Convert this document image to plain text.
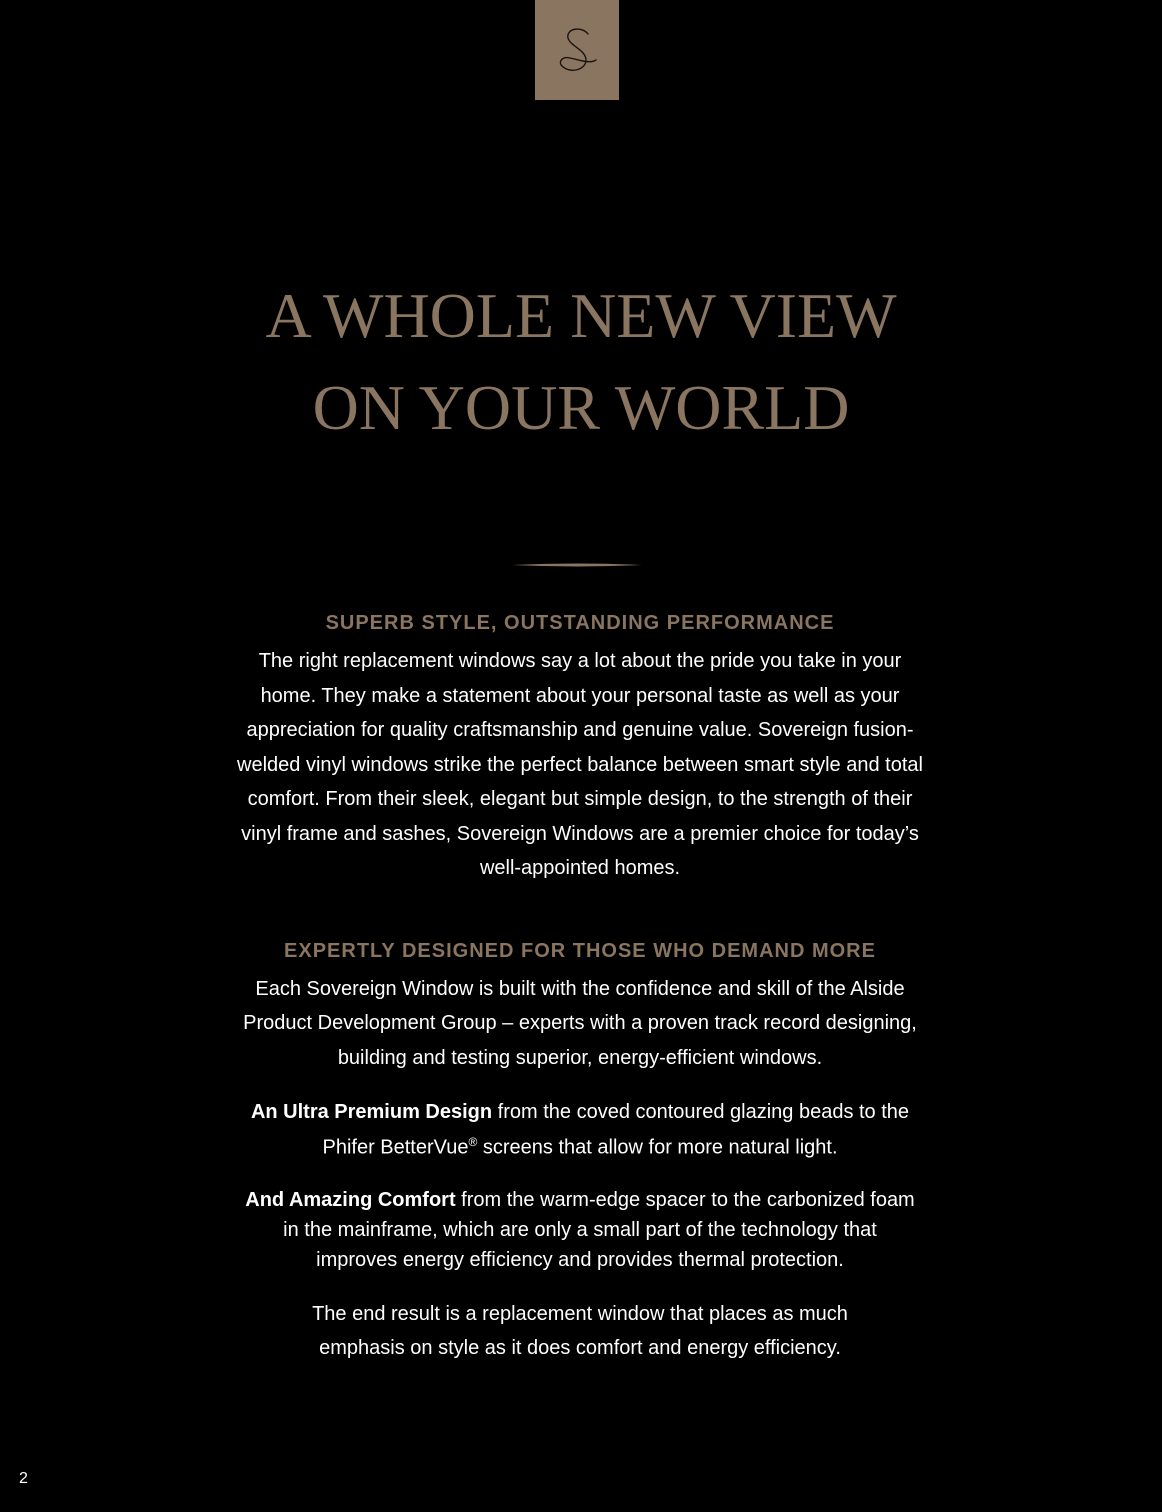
A WHOLE NEW VIEW
ON YOUR WORLD
SUPERB STYLE, OUTSTANDING PERFORMANCE

The right replacement windows say a lot about the pride you take in your home. They make a statement about your personal taste as well as your appreciation for quality craftsmanship and genuine value. Sovereign fusion-welded vinyl windows strike the perfect balance between smart style and total comfort. From their sleek, elegant but simple design, to the strength of their vinyl frame and sashes, Sovereign Windows are a premier choice for today’s well-appointed homes.

EXPERTLY DESIGNED FOR THOSE WHO DEMAND MORE

Each Sovereign Window is built with the confidence and skill of the Alside Product Development Group – experts with a proven track record designing, building and testing superior, energy-efficient windows.

An Ultra Premium Design from the coved contoured glazing beads to the Phifer BetterVue® screens that allow for more natural light.

And Amazing Comfort from the warm-edge spacer to the carbonized foam in the mainframe, which are only a small part of the technology that improves energy efficiency and provides thermal protection.

The end result is a replacement window that places as much emphasis on style as it does comfort and energy efficiency.

2
